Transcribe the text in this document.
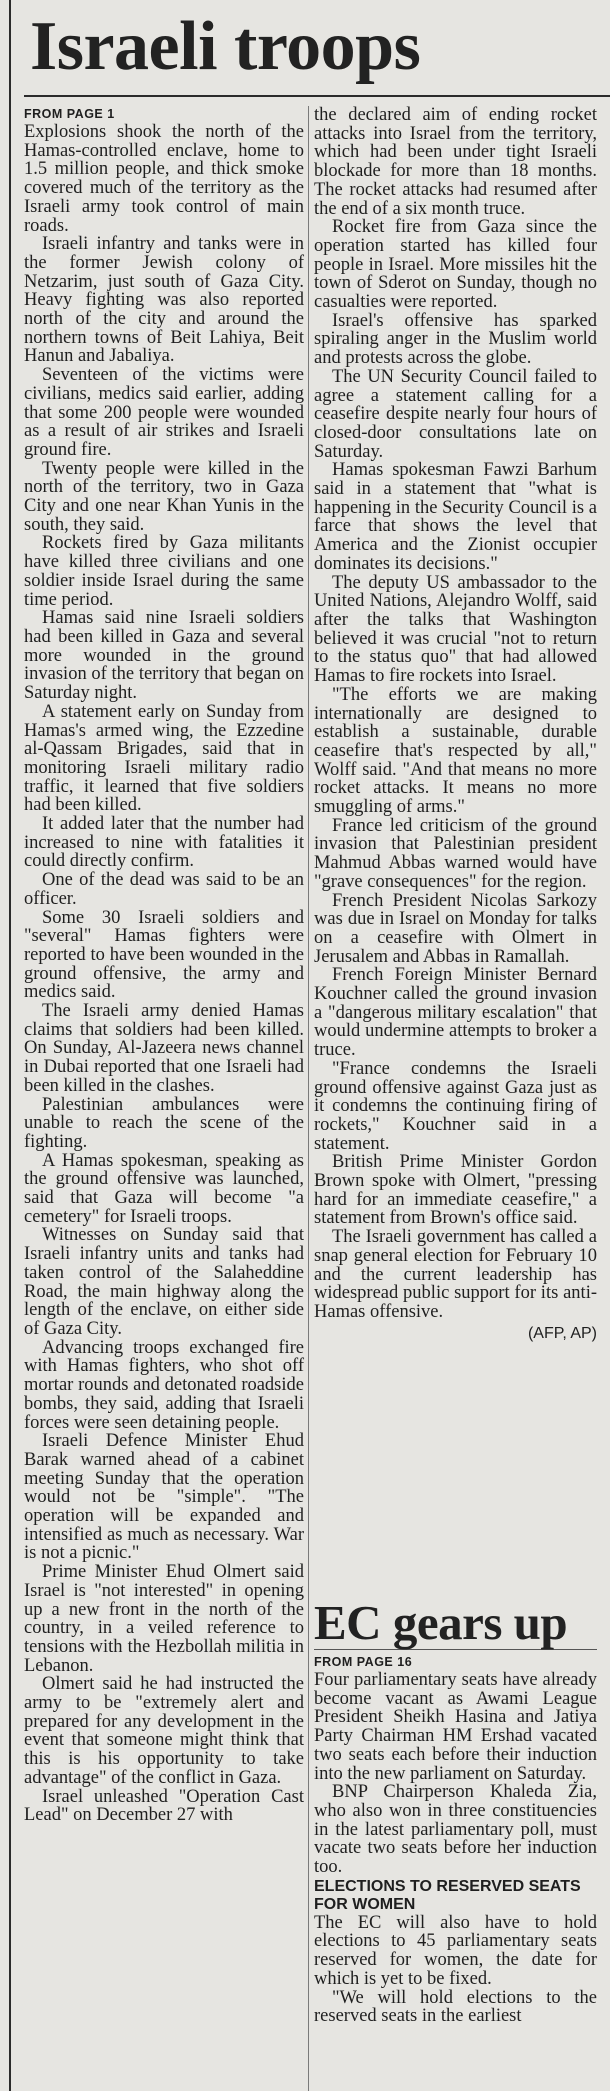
Israeli troops
FROM PAGE 1

Explosions shook the north of the Hamas-controlled enclave, home to 1.5 million people, and thick smoke covered much of the territory as the Israeli army took control of main roads.

Israeli infantry and tanks were in the former Jewish colony of Netzarim, just south of Gaza City. Heavy fighting was also reported north of the city and around the northern towns of Beit Lahiya, Beit Hanun and Jabaliya.

Seventeen of the victims were civilians, medics said earlier, adding that some 200 people were wounded as a result of air strikes and Israeli ground fire.

Twenty people were killed in the north of the territory, two in Gaza City and one near Khan Yunis in the south, they said.

Rockets fired by Gaza militants have killed three civilians and one soldier inside Israel during the same time period.

Hamas said nine Israeli soldiers had been killed in Gaza and several more wounded in the ground invasion of the territory that began on Saturday night.

A statement early on Sunday from Hamas's armed wing, the Ezzedine al-Qassam Brigades, said that in monitoring Israeli military radio traffic, it learned that five soldiers had been killed.

It added later that the number had increased to nine with fatalities it could directly confirm.

One of the dead was said to be an officer.

Some 30 Israeli soldiers and "several" Hamas fighters were reported to have been wounded in the ground offensive, the army and medics said.

The Israeli army denied Hamas claims that soldiers had been killed. On Sunday, Al-Jazeera news channel in Dubai reported that one Israeli had been killed in the clashes.

Palestinian ambulances were unable to reach the scene of the fighting.

A Hamas spokesman, speaking as the ground offensive was launched, said that Gaza will become "a cemetery" for Israeli troops.

Witnesses on Sunday said that Israeli infantry units and tanks had taken control of the Salaheddine Road, the main highway along the length of the enclave, on either side of Gaza City.

Advancing troops exchanged fire with Hamas fighters, who shot off mortar rounds and detonated roadside bombs, they said, adding that Israeli forces were seen detaining people.

Israeli Defence Minister Ehud Barak warned ahead of a cabinet meeting Sunday that the operation would not be "simple". "The operation will be expanded and intensified as much as necessary. War is not a picnic."

Prime Minister Ehud Olmert said Israel is "not interested" in opening up a new front in the north of the country, in a veiled reference to tensions with the Hezbollah militia in Lebanon.

Olmert said he had instructed the army to be "extremely alert and prepared for any development in the event that someone might think that this is his opportunity to take advantage" of the conflict in Gaza.

Israel unleashed "Operation Cast Lead" on December 27 with

the declared aim of ending rocket attacks into Israel from the territory, which had been under tight Israeli blockade for more than 18 months. The rocket attacks had resumed after the end of a six month truce.

Rocket fire from Gaza since the operation started has killed four people in Israel. More missiles hit the town of Sderot on Sunday, though no casualties were reported.

Israel's offensive has sparked spiraling anger in the Muslim world and protests across the globe.

The UN Security Council failed to agree a statement calling for a ceasefire despite nearly four hours of closed-door consultations late on Saturday.

Hamas spokesman Fawzi Barhum said in a statement that "what is happening in the Security Council is a farce that shows the level that America and the Zionist occupier dominates its decisions."

The deputy US ambassador to the United Nations, Alejandro Wolff, said after the talks that Washington believed it was crucial "not to return to the status quo" that had allowed Hamas to fire rockets into Israel.

"The efforts we are making internationally are designed to establish a sustainable, durable ceasefire that's respected by all," Wolff said. "And that means no more rocket attacks. It means no more smuggling of arms."

France led criticism of the ground invasion that Palestinian president Mahmud Abbas warned would have "grave consequences" for the region.

French President Nicolas Sarkozy was due in Israel on Monday for talks on a ceasefire with Olmert in Jerusalem and Abbas in Ramallah.

French Foreign Minister Bernard Kouchner called the ground invasion a "dangerous military escalation" that would undermine attempts to broker a truce.

"France condemns the Israeli ground offensive against Gaza just as it condemns the continuing firing of rockets," Kouchner said in a statement.

British Prime Minister Gordon Brown spoke with Olmert, "pressing hard for an immediate ceasefire," a statement from Brown's office said.

The Israeli government has called a snap general election for February 10 and the current leadership has widespread public support for its anti-Hamas offensive.

(AFP, AP)

EC gears up
FROM PAGE 16

Four parliamentary seats have already become vacant as Awami League President Sheikh Hasina and Jatiya Party Chairman HM Ershad vacated two seats each before their induction into the new parliament on Saturday.

BNP Chairperson Khaleda Zia, who also won in three constituencies in the latest parliamentary poll, must vacate two seats before her induction too.

ELECTIONS TO RESERVED SEATS FOR WOMEN

The EC will also have to hold elections to 45 parliamentary seats reserved for women, the date for which is yet to be fixed.

"We will hold elections to the reserved seats in the earliest
